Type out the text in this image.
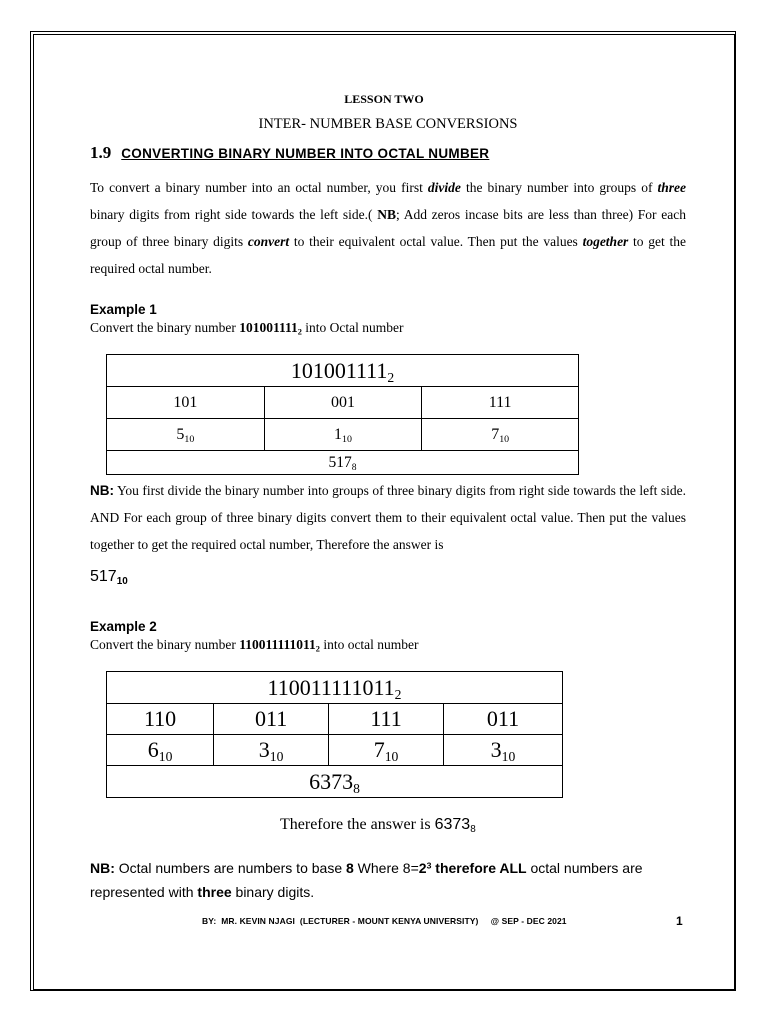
LESSON TWO
INTER- NUMBER BASE CONVERSIONS
1.9 CONVERTING BINARY NUMBER INTO OCTAL NUMBER

To convert a binary number into an octal number, you first divide the binary number into groups of three binary digits from right side towards the left side.( NB; Add zeros incase bits are less than three) For each group of three binary digits convert to their equivalent octal value. Then put the values together to get the required octal number.

Example 1
Convert the binary number $101001111_2$ into Octal number
$101001111_2$
101	001	111
$5_{10}$	$1_{10}$	$7_{10}$
$517_8$

NB: You first divide the binary number into groups of three binary digits from right side towards the left side. AND For each group of three binary digits convert them to their equivalent octal value. Then put the values together to get the required octal number, Therefore the answer is

$517_{10}$
Example 2
Convert the binary number $110011111011_2$ into octal number
$110011111011_2$
110	011	111	011
$6_{10}$	$3_{10}$	$7_{10}$	$3_{10}$
$6373_8$
Therefore the answer is $6373_8$
NB: Octal numbers are numbers to base 8 Where $8=2^3$ therefore ALL octal numbers are represented with three binary digits.
BY:  MR. KEVIN NJAGI  (LECTURER - MOUNT KENYA UNIVERSITY)     @ SEP - DEC 2021	1
